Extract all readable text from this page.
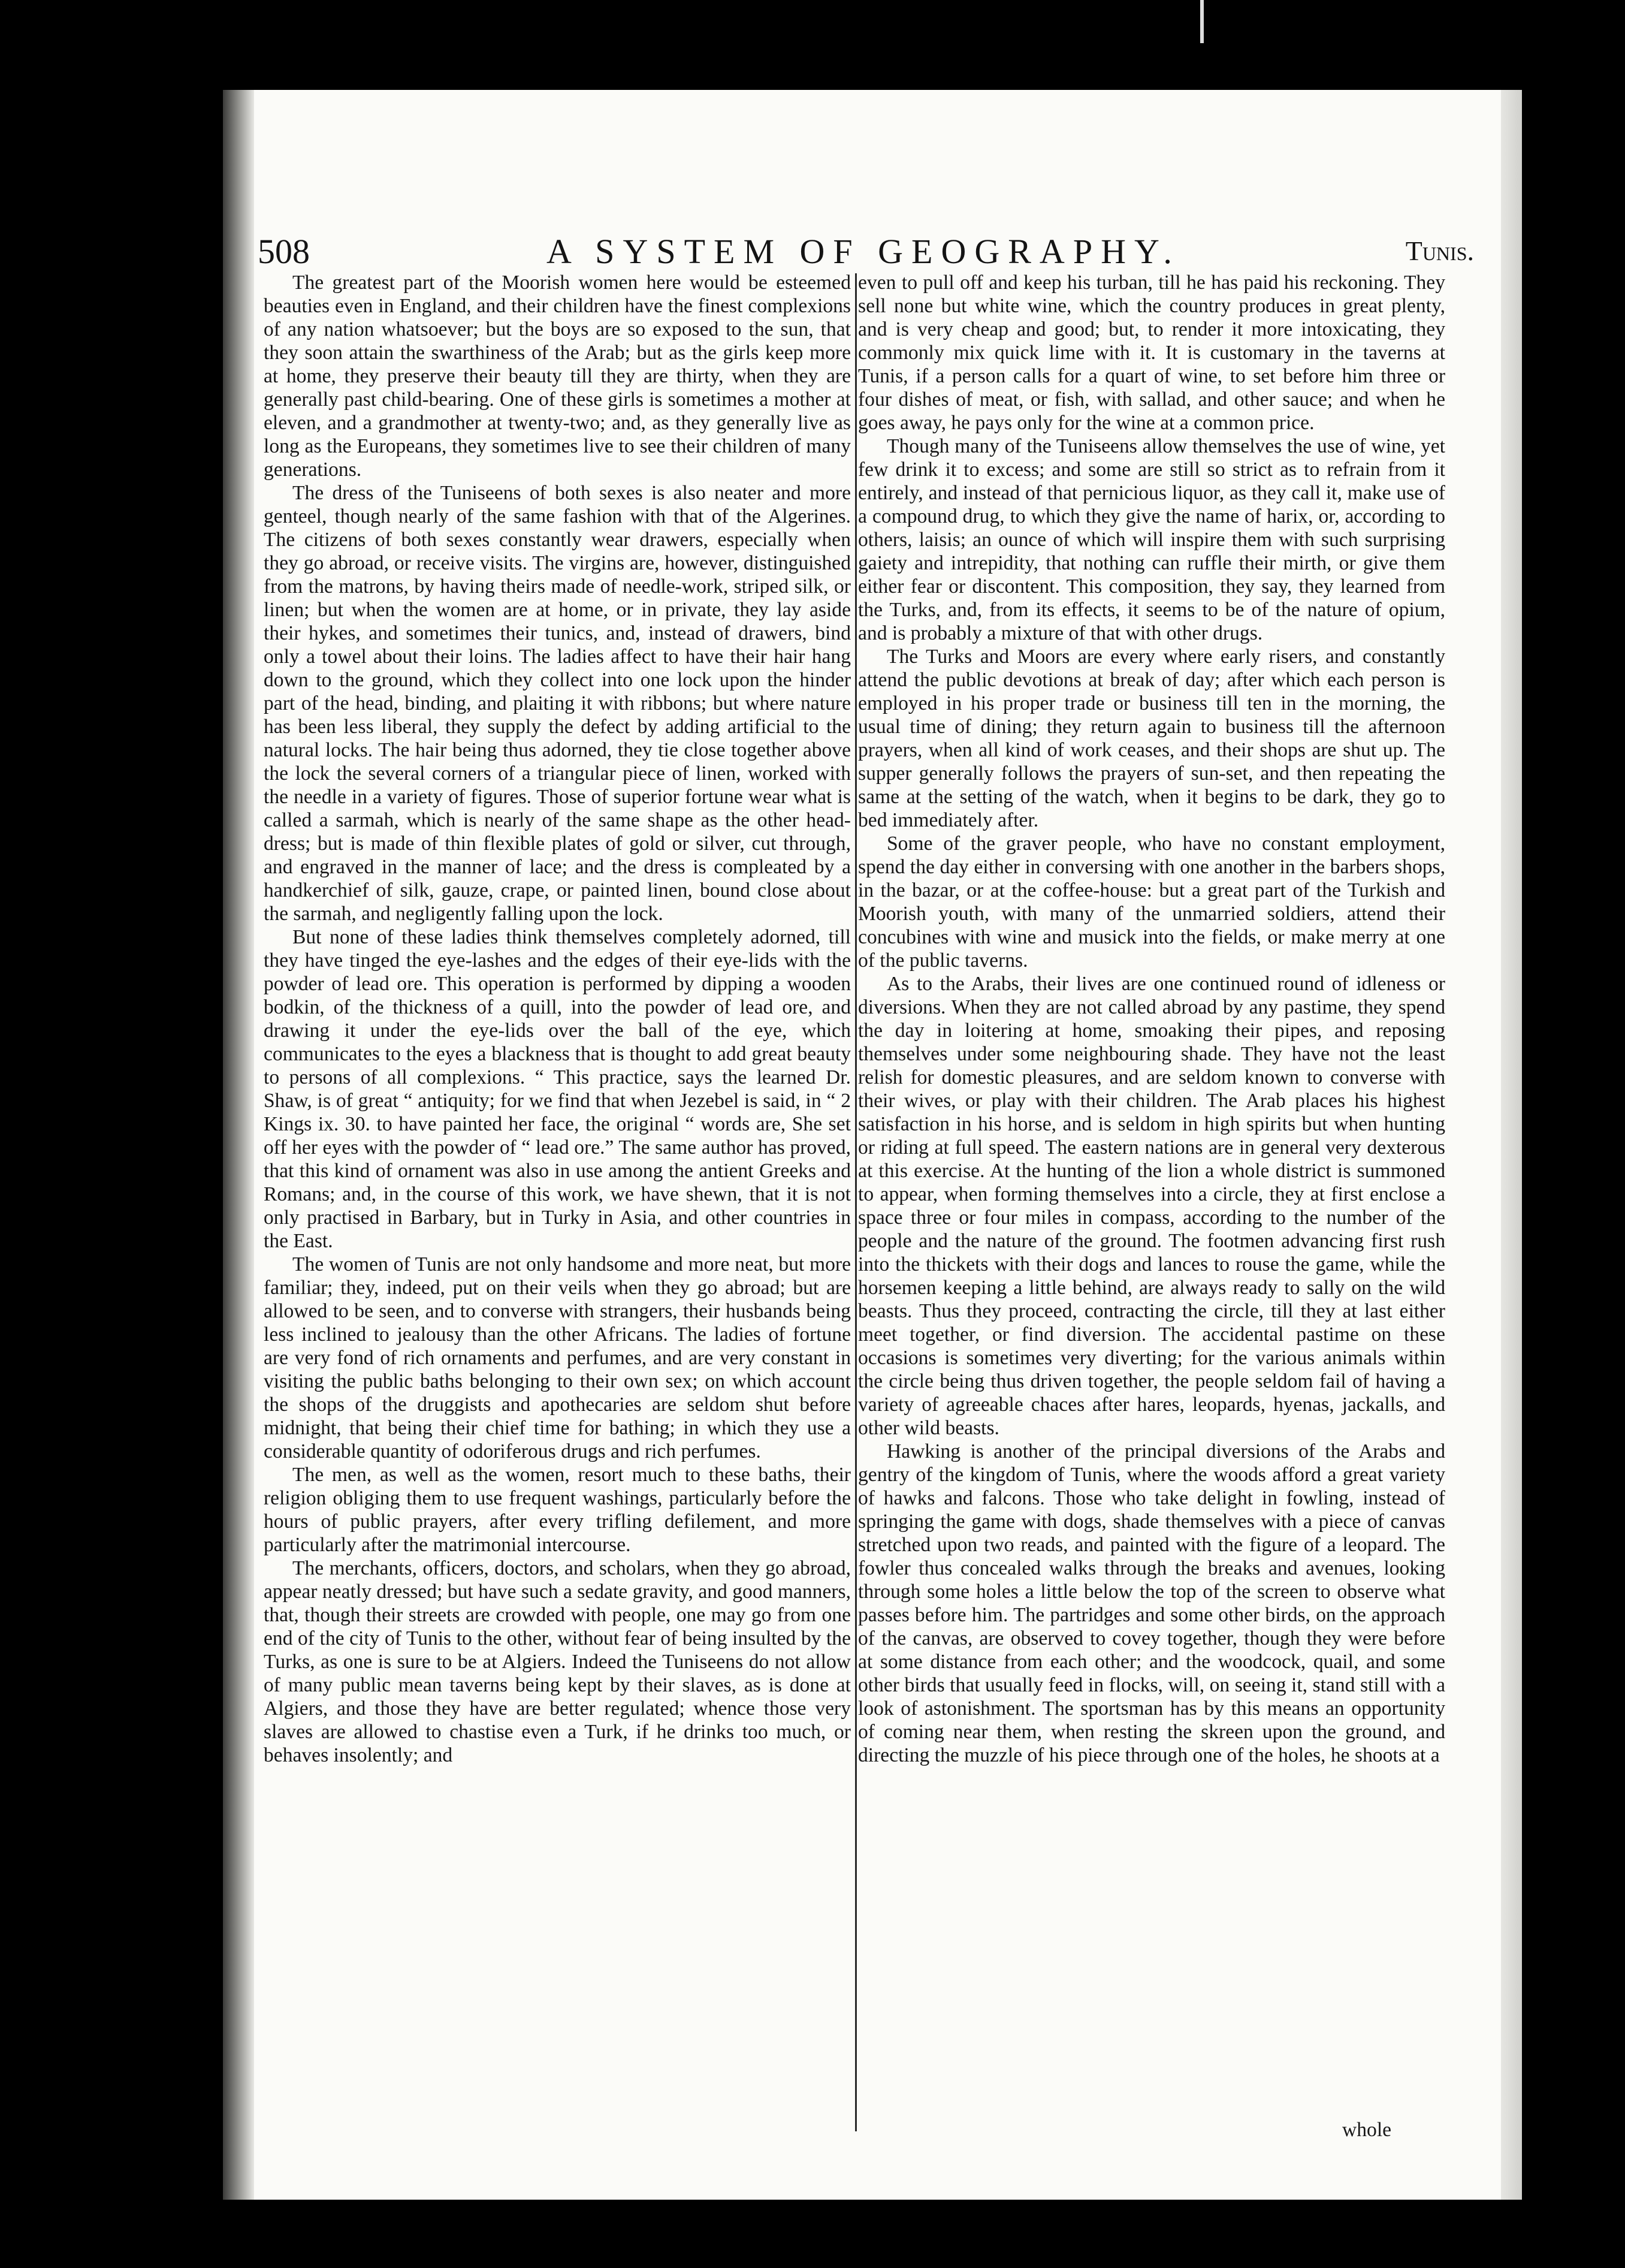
508	A SYSTEM OF GEOGRAPHY.	Tunis.

The greatest part of the Moorish women here would be esteemed beauties even in England, and their children have the finest complexions of any nation whatsoever; but the boys are so exposed to the sun, that they soon attain the swarthiness of the Arab; but as the girls keep more at home, they preserve their beauty till they are thirty, when they are generally past child-bearing. One of these girls is sometimes a mother at eleven, and a grandmother at twenty-two; and, as they generally live as long as the Europeans, they sometimes live to see their children of many generations.

The dress of the Tuniseens of both sexes is also neater and more genteel, though nearly of the same fashion with that of the Algerines. The citizens of both sexes constantly wear drawers, especially when they go abroad, or receive visits. The virgins are, however, distinguished from the matrons, by having theirs made of needle-work, striped silk, or linen; but when the women are at home, or in private, they lay aside their hykes, and sometimes their tunics, and, instead of drawers, bind only a towel about their loins. The ladies affect to have their hair hang down to the ground, which they collect into one lock upon the hinder part of the head, binding, and plaiting it with ribbons; but where nature has been less liberal, they supply the defect by adding artificial to the natural locks. The hair being thus adorned, they tie close together above the lock the several corners of a triangular piece of linen, worked with the needle in a variety of figures. Those of superior fortune wear what is called a sarmah, which is nearly of the same shape as the other head-dress; but is made of thin flexible plates of gold or silver, cut through, and engraved in the manner of lace; and the dress is compleated by a handkerchief of silk, gauze, crape, or painted linen, bound close about the sarmah, and negligently falling upon the lock.

But none of these ladies think themselves completely adorned, till they have tinged the eye-lashes and the edges of their eye-lids with the powder of lead ore. This operation is performed by dipping a wooden bodkin, of the thickness of a quill, into the powder of lead ore, and drawing it under the eye-lids over the ball of the eye, which communicates to the eyes a blackness that is thought to add great beauty to persons of all complexions. “ This practice, says the learned Dr. Shaw, is of great “ antiquity; for we find that when Jezebel is said, in “ 2 Kings ix. 30. to have painted her face, the original “ words are, She set off her eyes with the powder of “ lead ore.” The same author has proved, that this kind of ornament was also in use among the antient Greeks and Romans; and, in the course of this work, we have shewn, that it is not only practised in Barbary, but in Turky in Asia, and other countries in the East.

The women of Tunis are not only handsome and more neat, but more familiar; they, indeed, put on their veils when they go abroad; but are allowed to be seen, and to converse with strangers, their husbands being less inclined to jealousy than the other Africans. The ladies of fortune are very fond of rich ornaments and perfumes, and are very constant in visiting the public baths belonging to their own sex; on which account the shops of the druggists and apothecaries are seldom shut before midnight, that being their chief time for bathing; in which they use a considerable quantity of odoriferous drugs and rich perfumes.

The men, as well as the women, resort much to these baths, their religion obliging them to use frequent washings, particularly before the hours of public prayers, after every trifling defilement, and more particularly after the matrimonial intercourse.

The merchants, officers, doctors, and scholars, when they go abroad, appear neatly dressed; but have such a sedate gravity, and good manners, that, though their streets are crowded with people, one may go from one end of the city of Tunis to the other, without fear of being insulted by the Turks, as one is sure to be at Algiers. Indeed the Tuniseens do not allow of many public mean taverns being kept by their slaves, as is done at Algiers, and those they have are better regulated; whence those very slaves are allowed to chastise even a Turk, if he drinks too much, or behaves insolently; and

even to pull off and keep his turban, till he has paid his reckoning. They sell none but white wine, which the country produces in great plenty, and is very cheap and good; but, to render it more intoxicating, they commonly mix quick lime with it. It is customary in the taverns at Tunis, if a person calls for a quart of wine, to set before him three or four dishes of meat, or fish, with sallad, and other sauce; and when he goes away, he pays only for the wine at a common price.

Though many of the Tuniseens allow themselves the use of wine, yet few drink it to excess; and some are still so strict as to refrain from it entirely, and instead of that pernicious liquor, as they call it, make use of a compound drug, to which they give the name of harix, or, according to others, laisis; an ounce of which will inspire them with such surprising gaiety and intrepidity, that nothing can ruffle their mirth, or give them either fear or discontent. This composition, they say, they learned from the Turks, and, from its effects, it seems to be of the nature of opium, and is probably a mixture of that with other drugs.

The Turks and Moors are every where early risers, and constantly attend the public devotions at break of day; after which each person is employed in his proper trade or business till ten in the morning, the usual time of dining; they return again to business till the afternoon prayers, when all kind of work ceases, and their shops are shut up. The supper generally follows the prayers of sun-set, and then repeating the same at the setting of the watch, when it begins to be dark, they go to bed immediately after.

Some of the graver people, who have no constant employment, spend the day either in conversing with one another in the barbers shops, in the bazar, or at the coffee-house: but a great part of the Turkish and Moorish youth, with many of the unmarried soldiers, attend their concubines with wine and musick into the fields, or make merry at one of the public taverns.

As to the Arabs, their lives are one continued round of idleness or diversions. When they are not called abroad by any pastime, they spend the day in loitering at home, smoaking their pipes, and reposing themselves under some neighbouring shade. They have not the least relish for domestic pleasures, and are seldom known to converse with their wives, or play with their children. The Arab places his highest satisfaction in his horse, and is seldom in high spirits but when hunting or riding at full speed. The eastern nations are in general very dexterous at this exercise. At the hunting of the lion a whole district is summoned to appear, when forming themselves into a circle, they at first enclose a space three or four miles in compass, according to the number of the people and the nature of the ground. The footmen advancing first rush into the thickets with their dogs and lances to rouse the game, while the horsemen keeping a little behind, are always ready to sally on the wild beasts. Thus they proceed, contracting the circle, till they at last either meet together, or find diversion. The accidental pastime on these occasions is sometimes very diverting; for the various animals within the circle being thus driven together, the people seldom fail of having a variety of agreeable chaces after hares, leopards, hyenas, jackalls, and other wild beasts.

Hawking is another of the principal diversions of the Arabs and gentry of the kingdom of Tunis, where the woods afford a great variety of hawks and falcons. Those who take delight in fowling, instead of springing the game with dogs, shade themselves with a piece of canvas stretched upon two reads, and painted with the figure of a leopard. The fowler thus concealed walks through the breaks and avenues, looking through some holes a little below the top of the screen to observe what passes before him. The partridges and some other birds, on the approach of the canvas, are observed to covey together, though they were before at some distance from each other; and the woodcock, quail, and some other birds that usually feed in flocks, will, on seeing it, stand still with a look of astonishment. The sportsman has by this means an opportunity of coming near them, when resting the skreen upon the ground, and directing the muzzle of his piece through one of the holes, he shoots at a

whole
